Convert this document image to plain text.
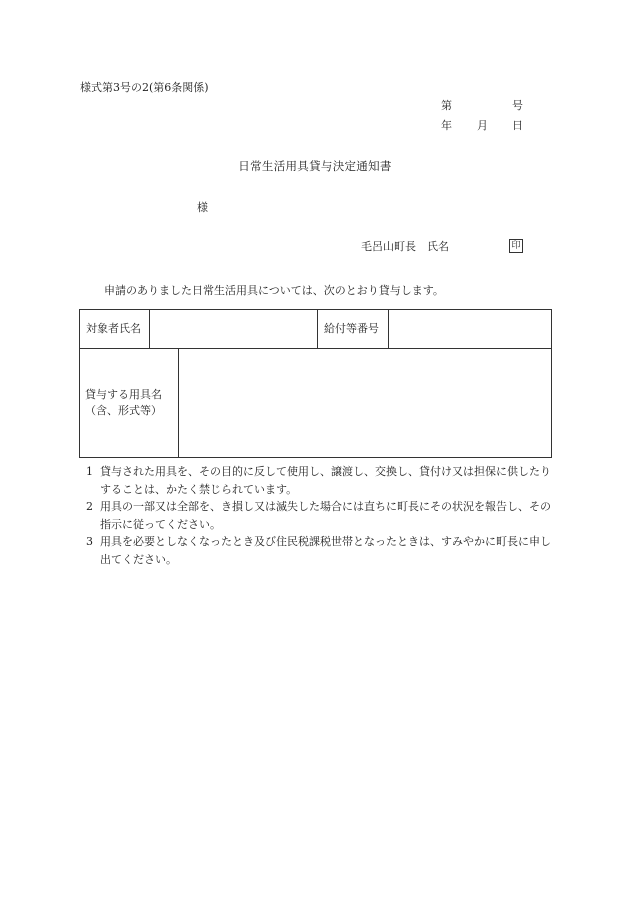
様式第3号の2(第6条関係)
第	号
年 月 日
日常生活用具貸与決定通知書
様
毛呂山町長　氏名	印
申請のありました日常生活用具については、次のとおり貸与します。
対象者氏名	給付等番号
貸与する用具名
（含、形式等）
1 貸与された用具を、その目的に反して使用し、譲渡し、交換し、貸付け又は担保に供したりすることは、かたく禁じられています。
2 用具の一部又は全部を、き損し又は滅失した場合には直ちに町長にその状況を報告し、その指示に従ってください。
3 用具を必要としなくなったとき及び住民税課税世帯となったときは、すみやかに町長に申し出てください。
